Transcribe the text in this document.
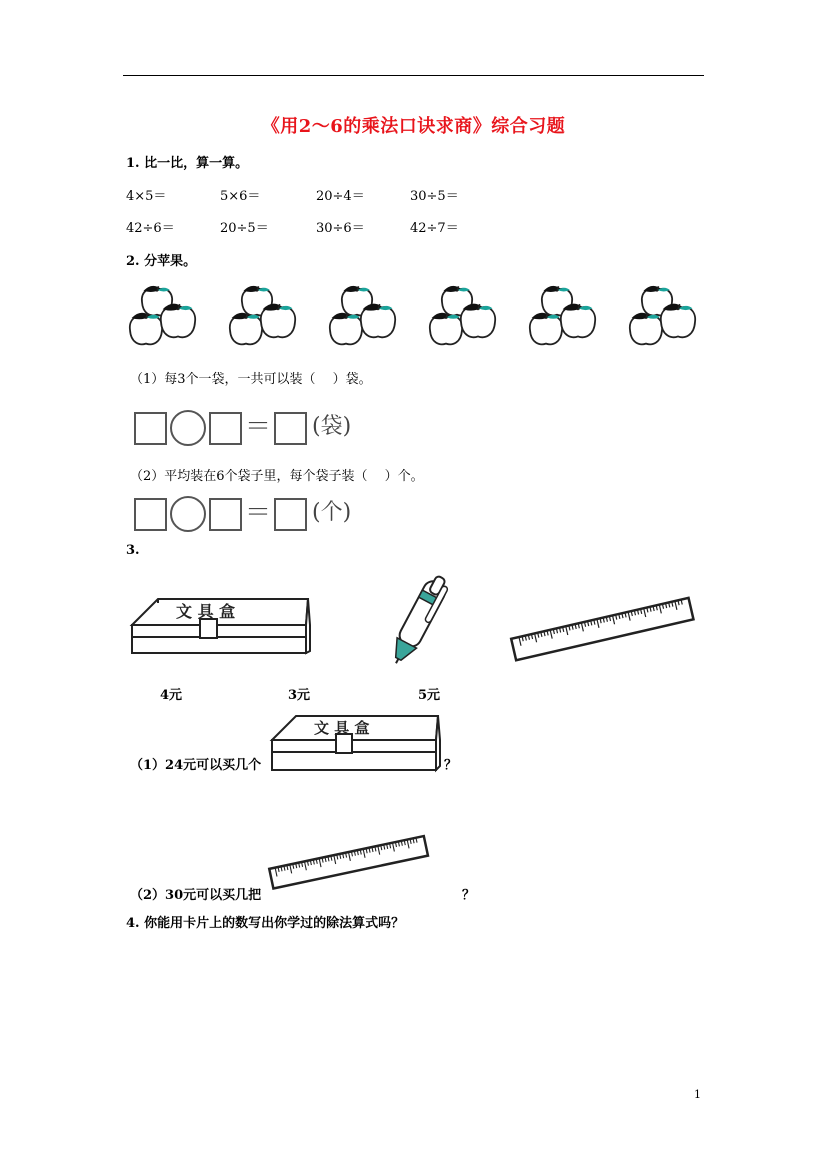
《用2～6的乘法口诀求商》综合习题
1. 比一比，算一算。
4×5＝	5×6＝	20÷4＝	30÷5＝
42÷6＝	20÷5＝	30÷6＝	42÷7＝
2. 分苹果。
（1）每3个一袋，一共可以装（　 ）袋。
＝ (袋)
（2）平均装在6个袋子里，每个袋子装（　 ）个。
＝ (个)
3.
文 具 盒
4元	3元	5元
（1）24元可以买几个
文 具 盒
？
（2）30元可以买几把	？
4. 你能用卡片上的数写出你学过的除法算式吗？
1
